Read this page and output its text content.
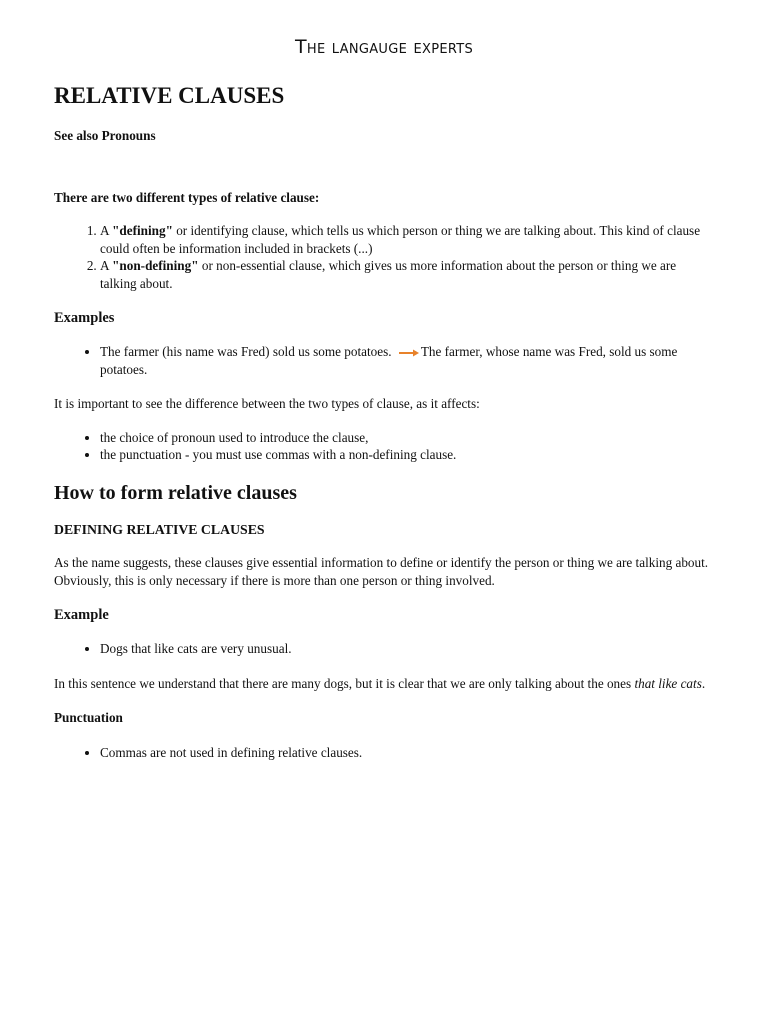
The langauge experts
RELATIVE CLAUSES

See also Pronouns

There are two different types of relative clause:

1. A "defining" or identifying clause, which tells us which person or thing we are talking about. This kind of clause could often be information included in brackets (...)
2. A "non-defining" or non-essential clause, which gives us more information about the person or thing we are talking about.
Examples
• The farmer (his name was Fred) sold us some potatoes. The farmer, whose name was Fred, sold us some potatoes.

It is important to see the difference between the two types of clause, as it affects:

• the choice of pronoun used to introduce the clause,
• the punctuation - you must use commas with a non-defining clause.
How to form relative clauses
DEFINING RELATIVE CLAUSES

As the name suggests, these clauses give essential information to define or identify the person or thing we are talking about. Obviously, this is only necessary if there is more than one person or thing involved.

Example
• Dogs that like cats are very unusual.

In this sentence we understand that there are many dogs, but it is clear that we are only talking about the ones that like cats.

Punctuation

• Commas are not used in defining relative clauses.
